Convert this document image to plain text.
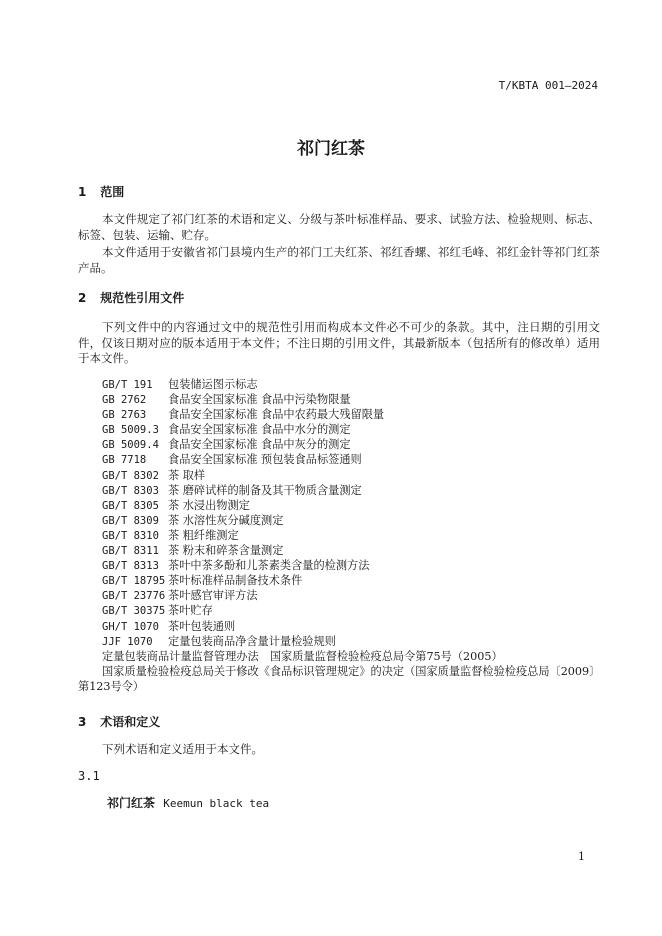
T/KBTA 001—2024
祁门红茶
1 范围

本文件规定了祁门红茶的术语和定义、分级与茶叶标准样品、要求、试验方法、检验规则、标志、标签、包装、运输、贮存。

本文件适用于安徽省祁门县境内生产的祁门工夫红茶、祁红香螺、祁红毛峰、祁红金针等祁门红茶产品。

2 规范性引用文件

下列文件中的内容通过文中的规范性引用而构成本文件必不可少的条款。其中，注日期的引用文件，仅该日期对应的版本适用于本文件；不注日期的引用文件，其最新版本（包括所有的修改单）适用于本文件。

GB/T 191 包装储运图示标志
GB 2762 食品安全国家标准 食品中污染物限量
GB 2763 食品安全国家标准 食品中农药最大残留限量
GB 5009.3 食品安全国家标准 食品中水分的测定
GB 5009.4 食品安全国家标准 食品中灰分的测定
GB 7718 食品安全国家标准 预包装食品标签通则
GB/T 8302 茶 取样
GB/T 8303 茶 磨碎试样的制备及其干物质含量测定
GB/T 8305 茶 水浸出物测定
GB/T 8309 茶 水溶性灰分碱度测定
GB/T 8310 茶 粗纤维测定
GB/T 8311 茶 粉末和碎茶含量测定
GB/T 8313 茶叶中茶多酚和儿茶素类含量的检测方法
GB/T 18795 茶叶标准样品制备技术条件
GB/T 23776 茶叶感官审评方法
GB/T 30375 茶叶贮存
GH/T 1070 茶叶包装通则
JJF 1070 定量包装商品净含量计量检验规则
定量包装商品计量监督管理办法　国家质量监督检验检疫总局令第75号（2005）
国家质量检验检疫总局关于修改《食品标识管理规定》的决定（国家质量监督检验检疫总局〔2009〕第123号令）
3 术语和定义

下列术语和定义适用于本文件。

3.1
祁门红茶 Keemun black tea
1
